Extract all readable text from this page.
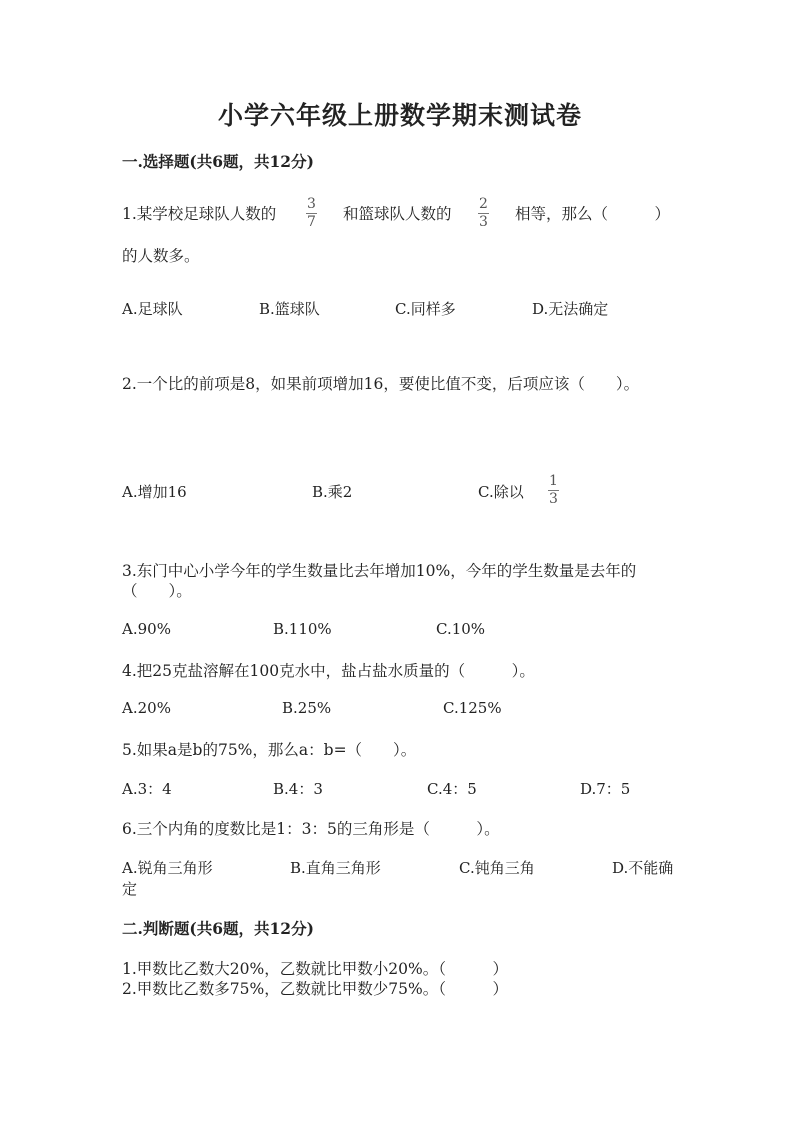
小学六年级上册数学期末测试卷
一.选择题(共6题，共12分)
1.某学校足球队人数的
3
7 和篮球队人数的
2
3 相等，那么（　　　）
的人数多。
A.足球队	B.篮球队	C.同样多	D.无法确定
2.一个比的前项是8，如果前项增加16，要使比值不变，后项应该（　　）。
A.增加16	B.乘2	C.除以
1
3
3.东门中心小学今年的学生数量比去年增加10%，今年的学生数量是去年的
（　　）。
A.90%	B.110%	C.10%
4.把25克盐溶解在100克水中，盐占盐水质量的（　　　）。
A.20%	B.25%	C.125%
5.如果a是b的75%，那么a：b=（　　）。
A.3：4	B.4：3	C.4：5	D.7：5
6.三个内角的度数比是1：3：5的三角形是（　　　）。
A.锐角三角形	B.直角三角形	C.钝角三角	D.不能确
定
二.判断题(共6题，共12分)
1.甲数比乙数大20%，乙数就比甲数小20%。（　　　）
2.甲数比乙数多75%，乙数就比甲数少75%。（　　　）
